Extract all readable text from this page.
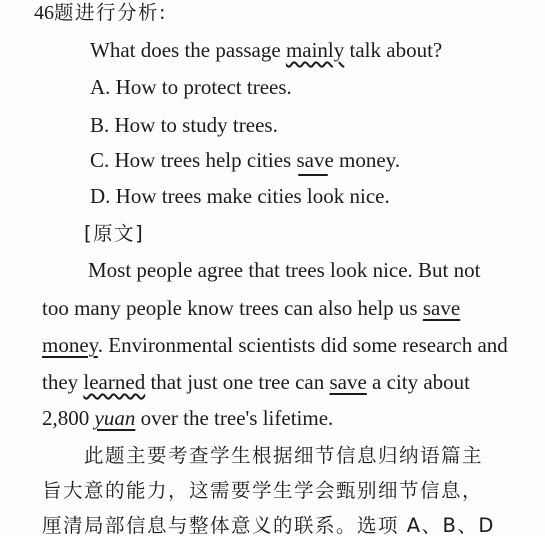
46题进行分析:
What does the passage mainly talk about?
A. How to protect trees.
B. How to study trees.
C. How trees help cities save money.
D. How trees make cities look nice.
[原文]
Most people agree that trees look nice. But not
too many people know trees can also help us save
money. Environmental scientists did some research and
they learned that just one tree can save a city about
2,800 yuan over the tree's lifetime.
此题主要考查学生根据细节信息归纳语篇主
旨大意的能力，这需要学生学会甄别细节信息，
厘清局部信息与整体意义的联系。选项 A、B、D
